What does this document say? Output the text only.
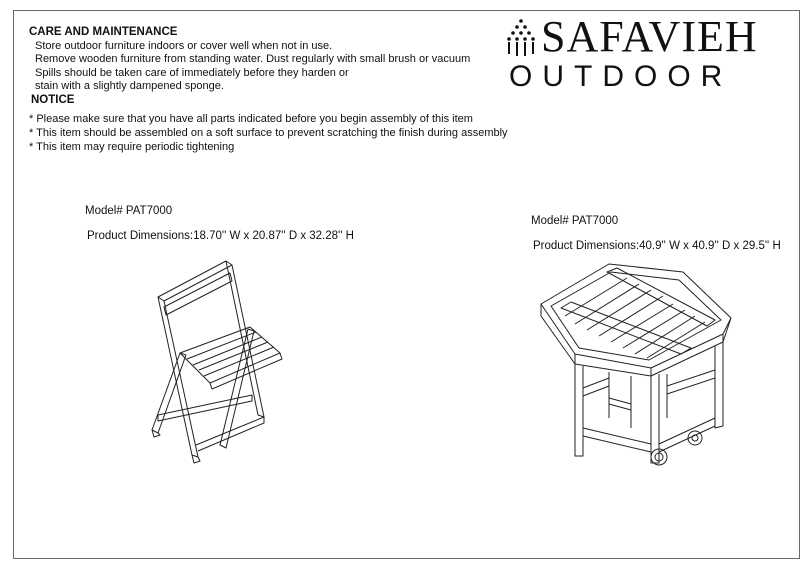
CARE AND MAINTENANCE
Store outdoor furniture indoors or cover well when not in use.
Remove wooden furniture from standing water. Dust regularly with small brush or vacuum
Spills should be taken care of immediately before they harden or
stain with a slightly dampened sponge.
NOTICE
* Please make sure that you have all parts indicated before you begin assembly of this item
* This item should be assembled on a soft surface to prevent scratching the finish during assembly
* This item may require periodic tightening
SAFAVIEH
OUTDOOR
Model# PAT7000
Product Dimensions:18.70'' W x 20.87'' D x 32.28'' H
Model# PAT7000
Product Dimensions:40.9'' W x 40.9'' D x 29.5'' H
